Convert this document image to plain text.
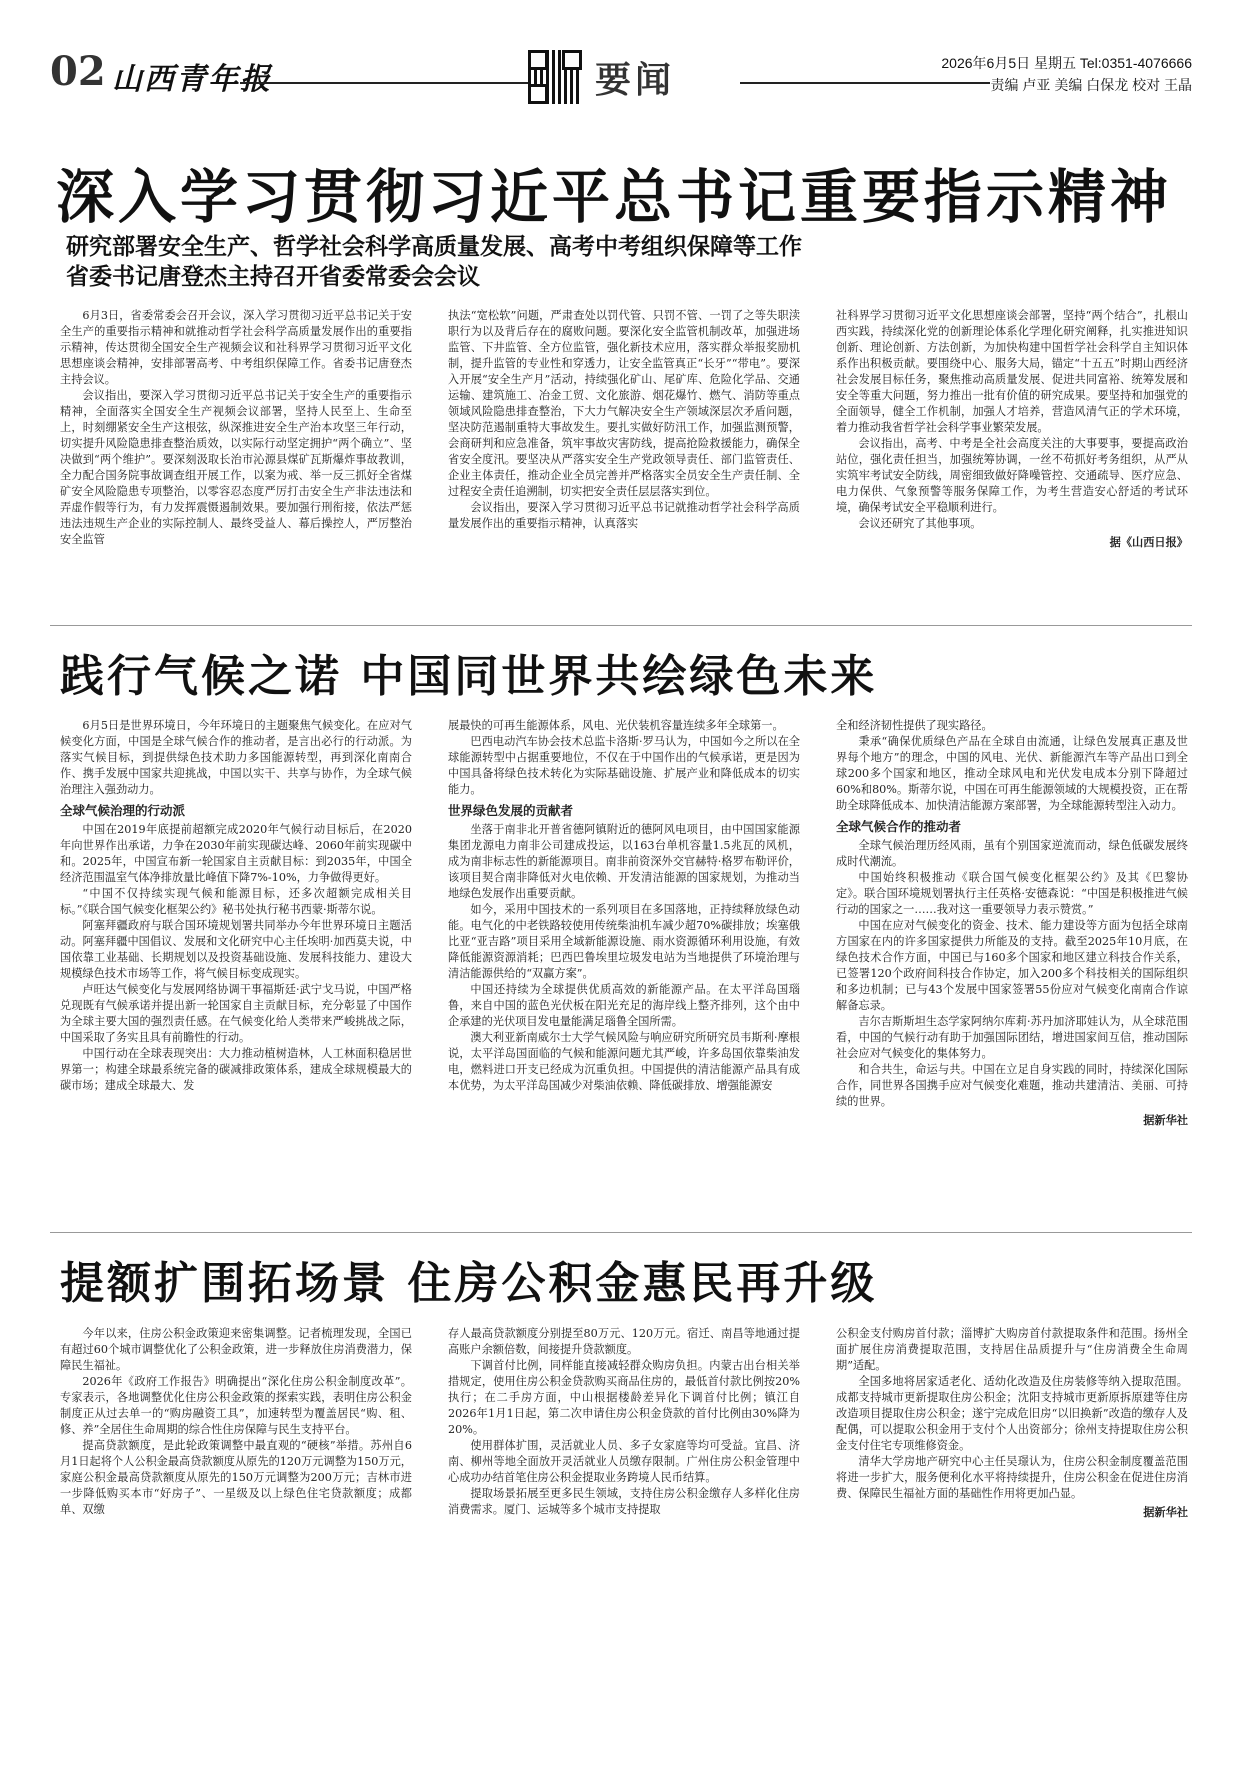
02 山西青年报	要闻	2026年6月5日 星期五 Tel:0351-4076666
责编 卢亚 美编 白保龙 校对 王晶
深入学习贯彻习近平总书记重要指示精神
研究部署安全生产、哲学社会科学高质量发展、高考中考组织保障等工作
省委书记唐登杰主持召开省委常委会会议

6月3日，省委常委会召开会议，深入学习贯彻习近平总书记关于安全生产的重要指示精神和就推动哲学社会科学高质量发展作出的重要指示精神，传达贯彻全国安全生产视频会议和社科界学习贯彻习近平文化思想座谈会精神，安排部署高考、中考组织保障工作。省委书记唐登杰主持会议。

会议指出，要深入学习贯彻习近平总书记关于安全生产的重要指示精神，全面落实全国安全生产视频会议部署，坚持人民至上、生命至上，时刻绷紧安全生产这根弦，纵深推进安全生产治本攻坚三年行动，切实提升风险隐患排查整治质效，以实际行动坚定拥护“两个确立”、坚决做到“两个维护”。要深刻汲取长治市沁源县煤矿瓦斯爆炸事故教训，全力配合国务院事故调查组开展工作，以案为戒、举一反三抓好全省煤矿安全风险隐患专项整治，以零容忍态度严厉打击安全生产非法违法和弄虚作假等行为，有力发挥震慑遏制效果。要加强行刑衔接，依法严惩违法违规生产企业的实际控制人、最终受益人、幕后操控人，严厉整治安全监管

执法“宽松软”问题，严肃查处以罚代管、只罚不管、一罚了之等失职渎职行为以及背后存在的腐败问题。要深化安全监管机制改革，加强进场监管、下井监管、全方位监管，强化新技术应用，落实群众举报奖励机制，提升监管的专业性和穿透力，让安全监管真正“长牙”“带电”。要深入开展“安全生产月”活动，持续强化矿山、尾矿库、危险化学品、交通运输、建筑施工、冶金工贸、文化旅游、烟花爆竹、燃气、消防等重点领域风险隐患排查整治，下大力气解决安全生产领域深层次矛盾问题，坚决防范遏制重特大事故发生。要扎实做好防汛工作，加强监测预警，会商研判和应急准备，筑牢事故灾害防线，提高抢险救援能力，确保全省安全度汛。要坚决从严落实安全生产党政领导责任、部门监管责任、企业主体责任，推动企业全员完善并严格落实全员安全生产责任制、全过程安全责任追溯制，切实把安全责任层层落实到位。

会议指出，要深入学习贯彻习近平总书记就推动哲学社会科学高质量发展作出的重要指示精神，认真落实

社科界学习贯彻习近平文化思想座谈会部署，坚持“两个结合”，扎根山西实践，持续深化党的创新理论体系化学理化研究阐释，扎实推进知识创新、理论创新、方法创新，为加快构建中国哲学社会科学自主知识体系作出积极贡献。要围绕中心、服务大局，锚定“十五五”时期山西经济社会发展目标任务，聚焦推动高质量发展、促进共同富裕、统筹发展和安全等重大问题，努力推出一批有价值的研究成果。要坚持和加强党的全面领导，健全工作机制，加强人才培养，营造风清气正的学术环境，着力推动我省哲学社会科学事业繁荣发展。

会议指出，高考、中考是全社会高度关注的大事要事，要提高政治站位，强化责任担当，加强统筹协调，一丝不苟抓好考务组织，从严从实筑牢考试安全防线，周密细致做好降噪管控、交通疏导、医疗应急、电力保供、气象预警等服务保障工作，为考生营造安心舒适的考试环境，确保考试安全平稳顺利进行。

会议还研究了其他事项。

据《山西日报》

践行气候之诺 中国同世界共绘绿色未来

6月5日是世界环境日，今年环境日的主题聚焦气候变化。在应对气候变化方面，中国是全球气候合作的推动者，是言出必行的行动派。为落实气候目标，到提供绿色技术助力多国能源转型，再到深化南南合作、携手发展中国家共迎挑战，中国以实干、共享与协作，为全球气候治理注入强劲动力。

全球气候治理的行动派

中国在2019年底提前超额完成2020年气候行动目标后，在2020年向世界作出承诺，力争在2030年前实现碳达峰、2060年前实现碳中和。2025年，中国宣布新一轮国家自主贡献目标：到2035年，中国全经济范围温室气体净排放量比峰值下降7%-10%，力争做得更好。

“中国不仅持续实现气候和能源目标，还多次超额完成相关目标。”《联合国气候变化框架公约》秘书处执行秘书西蒙·斯蒂尔说。

阿塞拜疆政府与联合国环境规划署共同举办今年世界环境日主题活动。阿塞拜疆中国倡议、发展和文化研究中心主任埃明·加西莫夫说，中国依靠工业基础、长期规划以及投资基础设施、发展科技能力、建设大规模绿色技术市场等工作，将气候目标变成现实。

卢旺达气候变化与发展网络协调干事福斯廷·武宁戈马说，中国严格兑现既有气候承诺并提出新一轮国家自主贡献目标，充分彰显了中国作为全球主要大国的强烈责任感。在气候变化给人类带来严峻挑战之际，中国采取了务实且具有前瞻性的行动。

中国行动在全球表现突出：大力推动植树造林，人工林面积稳居世界第一；构建全球最系统完备的碳减排政策体系，建成全球规模最大的碳市场；建成全球最大、发

展最快的可再生能源体系，风电、光伏装机容量连续多年全球第一。

巴西电动汽车协会技术总监卡洛斯·罗马认为，中国如今之所以在全球能源转型中占据重要地位，不仅在于中国作出的气候承诺，更是因为中国具备将绿色技术转化为实际基础设施、扩展产业和降低成本的切实能力。

世界绿色发展的贡献者

坐落于南非北开普省德阿镇附近的德阿风电项目，由中国国家能源集团龙源电力南非公司建成投运，以163台单机容量1.5兆瓦的风机，成为南非标志性的新能源项目。南非前资深外交官赫特·格罗布勒评价，该项目契合南非降低对火电依赖、开发清洁能源的国家规划，为推动当地绿色发展作出重要贡献。

如今，采用中国技术的一系列项目在多国落地，正持续释放绿色动能。电气化的中老铁路较使用传统柴油机车减少超70%碳排放；埃塞俄比亚“亚吉路”项目采用全域新能源设施、雨水资源循环利用设施，有效降低能源资源消耗；巴西巴鲁埃里垃圾发电站为当地提供了环境治理与清洁能源供给的“双赢方案”。

中国还持续为全球提供优质高效的新能源产品。在太平洋岛国瑙鲁，来自中国的蓝色光伏板在阳光充足的海岸线上整齐排列，这个由中企承建的光伏项目发电量能满足瑙鲁全国所需。

澳大利亚新南威尔士大学气候风险与响应研究所研究员韦斯利·摩根说，太平洋岛国面临的气候和能源问题尤其严峻，许多岛国依靠柴油发电，燃料进口开支已经成为沉重负担。中国提供的清洁能源产品具有成本优势，为太平洋岛国减少对柴油依赖、降低碳排放、增强能源安

全和经济韧性提供了现实路径。

秉承“确保优质绿色产品在全球自由流通，让绿色发展真正惠及世界每个地方”的理念，中国的风电、光伏、新能源汽车等产品出口到全球200多个国家和地区，推动全球风电和光伏发电成本分别下降超过60%和80%。斯蒂尔说，中国在可再生能源领域的大规模投资，正在帮助全球降低成本、加快清洁能源方案部署，为全球能源转型注入动力。

全球气候合作的推动者

全球气候治理历经风雨，虽有个别国家逆流而动，绿色低碳发展终成时代潮流。

中国始终积极推动《联合国气候变化框架公约》及其《巴黎协定》。联合国环境规划署执行主任英格·安德森说：“中国是积极推进气候行动的国家之一……我对这一重要领导力表示赞赏。”

中国在应对气候变化的资金、技术、能力建设等方面为包括全球南方国家在内的许多国家提供力所能及的支持。截至2025年10月底，在绿色技术合作方面，中国已与160多个国家和地区建立科技合作关系，已签署120个政府间科技合作协定，加入200多个科技相关的国际组织和多边机制；已与43个发展中国家签署55份应对气候变化南南合作谅解备忘录。

吉尔吉斯斯坦生态学家阿纳尔库莉·苏丹加济耶娃认为，从全球范围看，中国的气候行动有助于加强国际团结，增进国家间互信，推动国际社会应对气候变化的集体努力。

和合共生，命运与共。中国在立足自身实践的同时，持续深化国际合作，同世界各国携手应对气候变化难题，推动共建清洁、美丽、可持续的世界。

据新华社

提额扩围拓场景 住房公积金惠民再升级

今年以来，住房公积金政策迎来密集调整。记者梳理发现，全国已有超过60个城市调整优化了公积金政策，进一步释放住房消费潜力，保障民生福祉。

2026年《政府工作报告》明确提出“深化住房公积金制度改革”。专家表示，各地调整优化住房公积金政策的探索实践，表明住房公积金制度正从过去单一的“购房融资工具”，加速转型为覆盖居民“购、租、修、养”全居住生命周期的综合性住房保障与民生支持平台。

提高贷款额度，是此轮政策调整中最直观的“硬核”举措。苏州自6月1日起将个人公积金最高贷款额度从原先的120万元调整为150万元，家庭公积金最高贷款额度从原先的150万元调整为200万元；吉林市进一步降低购买本市“好房子”、一星级及以上绿色住宅贷款额度；成都单、双缴

存人最高贷款额度分别提至80万元、120万元。宿迁、南昌等地通过提高账户余额倍数，间接提升贷款额度。

下调首付比例，同样能直接减轻群众购房负担。内蒙古出台相关举措规定，使用住房公积金贷款购买商品住房的，最低首付款比例按20%执行；在二手房方面，中山根据楼龄差异化下调首付比例；镇江自2026年1月1日起，第二次申请住房公积金贷款的首付比例由30%降为20%。

使用群体扩围，灵活就业人员、多子女家庭等均可受益。宜昌、济南、柳州等地全面放开灵活就业人员缴存限制。广州住房公积金管理中心成功办结首笔住房公积金提取业务跨境人民币结算。

提取场景拓展至更多民生领域，支持住房公积金缴存人多样化住房消费需求。厦门、运城等多个城市支持提取

公积金支付购房首付款；淄博扩大购房首付款提取条件和范围。扬州全面扩展住房消费提取范围，支持居住品质提升与“住房消费全生命周期”适配。

全国多地将居家适老化、适幼化改造及住房装修等纳入提取范围。成都支持城市更新提取住房公积金；沈阳支持城市更新原拆原建等住房改造项目提取住房公积金；遂宁完成危旧房“以旧换新”改造的缴存人及配偶，可以提取公积金用于支付个人出资部分；徐州支持提取住房公积金支付住宅专项维修资金。

清华大学房地产研究中心主任吴璟认为，住房公积金制度覆盖范围将进一步扩大，服务便利化水平将持续提升，住房公积金在促进住房消费、保障民生福祉方面的基础性作用将更加凸显。

据新华社
